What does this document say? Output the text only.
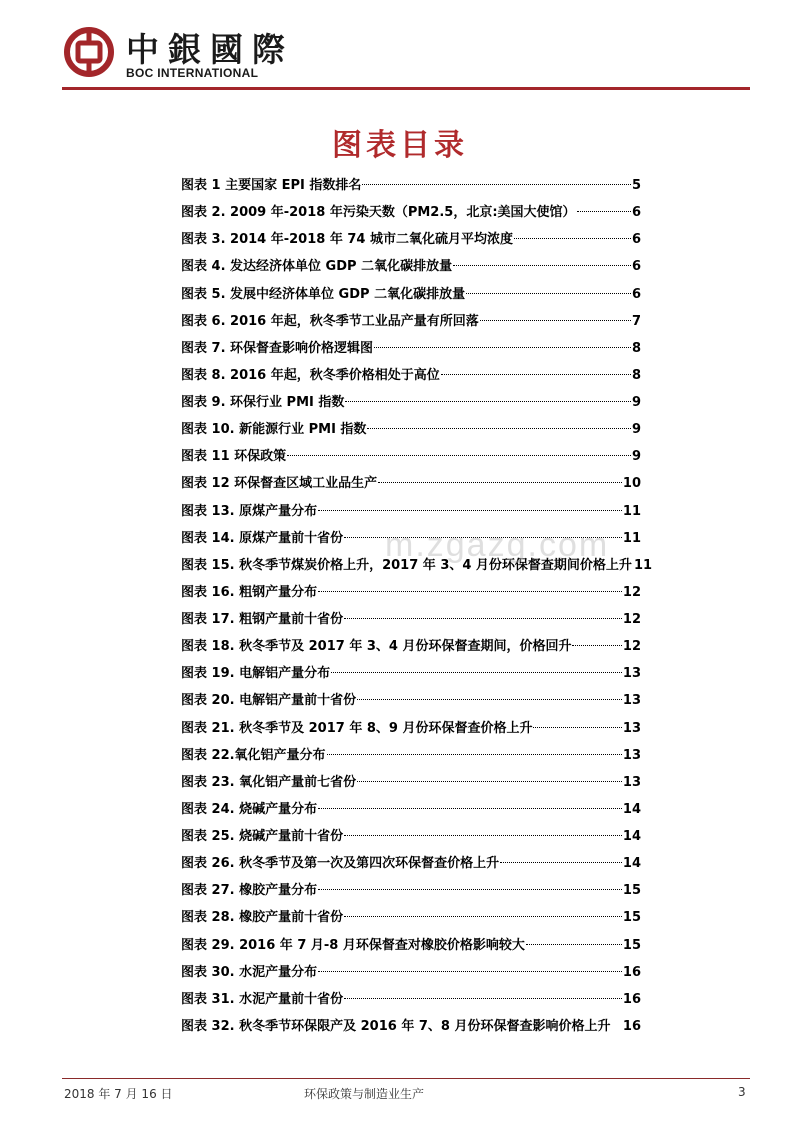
中銀國際
BOC INTERNATIONAL
图表目录
图表 1 主要国家 EPI 指数排名	5
图表 2. 2009 年-2018 年污染天数（PM2.5，北京:美国大使馆）	6
图表 3. 2014 年-2018 年 74 城市二氧化硫月平均浓度	6
图表 4. 发达经济体单位 GDP 二氧化碳排放量	6
图表 5. 发展中经济体单位 GDP 二氧化碳排放量	6
图表 6. 2016 年起，秋冬季节工业品产量有所回落	7
图表 7. 环保督查影响价格逻辑图	8
图表 8. 2016 年起，秋冬季价格相处于高位	8
图表 9. 环保行业 PMI 指数	9
图表 10. 新能源行业 PMI 指数	9
图表 11 环保政策	9
图表 12 环保督查区域工业品生产	10
图表 13. 原煤产量分布	11
图表 14. 原煤产量前十省份	11
图表 15. 秋冬季节煤炭价格上升，2017 年 3、4 月份环保督查期间价格上升 11
图表 16. 粗钢产量分布	12
图表 17. 粗钢产量前十省份	12
图表 18. 秋冬季节及 2017 年 3、4 月份环保督查期间，价格回升	12
图表 19. 电解铝产量分布	13
图表 20. 电解铝产量前十省份	13
图表 21. 秋冬季节及 2017 年 8、9 月份环保督查价格上升	13
图表 22.氧化铝产量分布	13
图表 23. 氧化铝产量前七省份	13
图表 24. 烧碱产量分布	14
图表 25. 烧碱产量前十省份	14
图表 26. 秋冬季节及第一次及第四次环保督查价格上升	14
图表 27. 橡胶产量分布	15
图表 28. 橡胶产量前十省份	15
图表 29. 2016 年 7 月-8 月环保督查对橡胶价格影响较大	15
图表 30. 水泥产量分布	16
图表 31. 水泥产量前十省份	16
图表 32. 秋冬季节环保限产及 2016 年 7、8 月份环保督查影响价格上升 16
m.zgazg.com
2018 年 7 月 16 日	环保政策与制造业生产	3
